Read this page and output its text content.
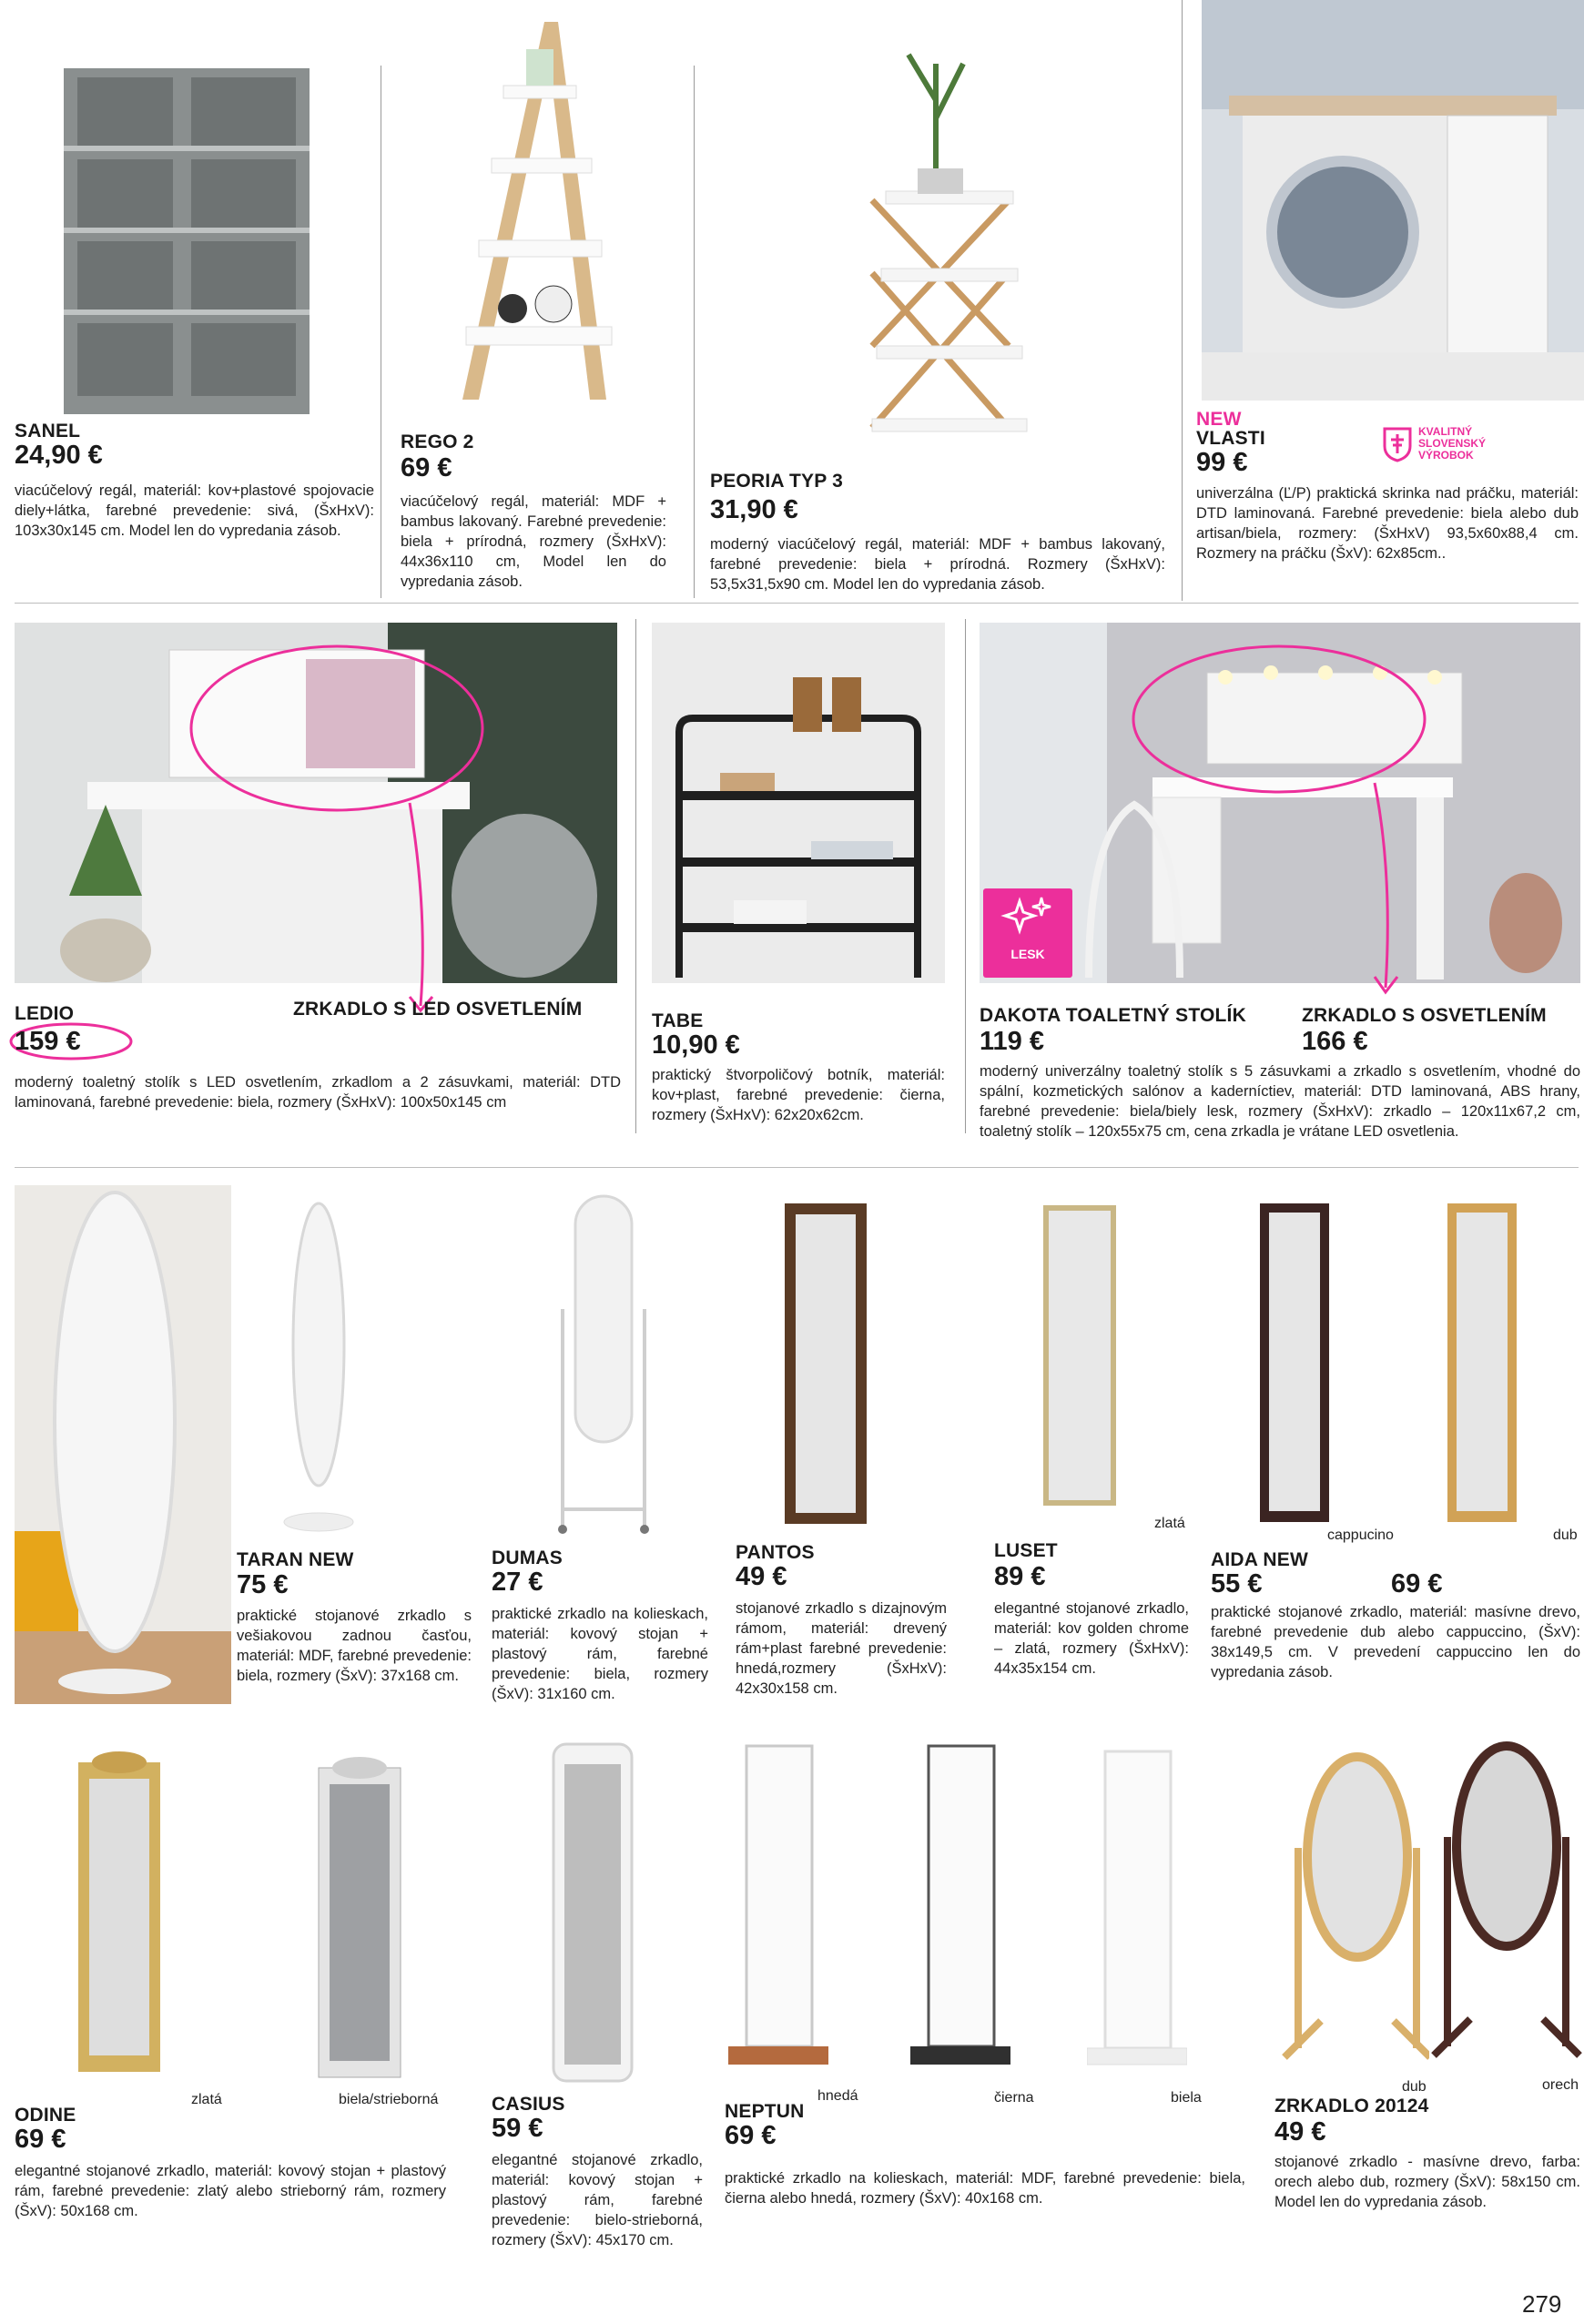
SANEL
24,90 €
viacúčelový regál, materiál: kov+plastové spojovacie diely+látka, farebné prevedenie: sivá, (ŠxHxV): 103x30x145 cm. Model len do vypredania zásob.
REGO 2
69 €
viacúčelový regál, materiál: MDF + bambus lakovaný. Farebné prevedenie: biela + prírodná, rozmery (ŠxHxV): 44x36x110 cm, Model len do vypredania zásob.
PEORIA TYP 3
31,90 €
moderný viacúčelový regál, materiál: MDF + bambus lakovaný, farebné prevedenie: biela + prírodná. Rozmery (ŠxHxV): 53,5x31,5x90 cm. Model len do vypredania zásob.
NEW
VLASTI
99 €
KVALITNÝ SLOVENSKÝ VÝROBOK
univerzálna (Ľ/P) praktická skrinka nad práčku, materiál: DTD laminovaná. Farebné prevedenie: biela alebo dub artisan/biela, rozmery: (ŠxHxV) 93,5x60x88,4 cm. Rozmery na práčku (ŠxV): 62x85cm..
LEDIO	ZRKADLO S LED OSVETLENÍM
159 €
moderný toaletný stolík s LED osvetlením, zrkadlom a 2 zásuvkami, materiál: DTD laminovaná, farebné prevedenie: biela, rozmery (ŠxHxV): 100x50x145 cm
TABE
10,90 €
praktický štvorpoličový botník, materiál: kov+plast, farebné prevedenie: čierna, rozmery (ŠxHxV): 62x20x62cm.
LESK
DAKOTA TOALETNÝ STOLÍK	ZRKADLO S OSVETLENÍM
119 €	166 €
moderný univerzálny toaletný stolík s 5 zásuvkami a zrkadlo s osvetlením, vhodné do spální, kozmetických salónov a kaderníctiev, materiál: DTD laminovaná, ABS hrany, farebné prevedenie: biela/biely lesk, rozmery (ŠxHxV): zrkadlo – 120x11x67,2 cm, toaletný stolík – 120x55x75 cm, cena zrkadla je vrátane LED osvetlenia.
TARAN NEW
75 €
praktické stojanové zrkadlo s vešiakovou zadnou časťou, materiál: MDF, farebné prevedenie: biela, rozmery (ŠxV): 37x168 cm.
DUMAS
27 €
praktické zrkadlo na kolieskach, materiál: kovový stojan + plastový rám, farebné prevedenie: biela, rozmery (ŠxV): 31x160 cm.
PANTOS
49 €
stojanové zrkadlo s dizajnovým rámom, materiál: drevený rám+plast farebné prevedenie: hnedá,rozmery (ŠxHxV): 42x30x158 cm.
zlatá
LUSET
89 €
elegantné stojanové zrkadlo, materiál: kov golden chrome – zlatá, rozmery (ŠxHxV): 44x35x154 cm.
cappucino	dub
AIDA NEW
55 €	69 €
praktické stojanové zrkadlo, materiál: masívne drevo, farebné prevedenie dub alebo cappuccino, (ŠxV): 38x149,5 cm. V prevedení cappuccino len do vypredania zásob.
zlatá	biela/strieborná
ODINE
69 €
elegantné stojanové zrkadlo, materiál: kovový stojan + plastový rám, farebné prevedenie: zlatý alebo strieborný rám, rozmery (ŠxV): 50x168 cm.
CASIUS
59 €
elegantné stojanové zrkadlo, materiál: kovový stojan + plastový rám, farebné prevedenie: bielo-strieborná, rozmery (ŠxV): 45x170 cm.
hnedá	čierna	biela
NEPTUN
69 €
praktické zrkadlo na kolieskach, materiál: MDF, farebné prevedenie: biela, čierna alebo hnedá, rozmery (ŠxV): 40x168 cm.
dub	orech
ZRKADLO 20124
49 €
stojanové zrkadlo - masívne drevo, farba: orech alebo dub, rozmery (ŠxV): 58x150 cm. Model len do vypredania zásob.
279
